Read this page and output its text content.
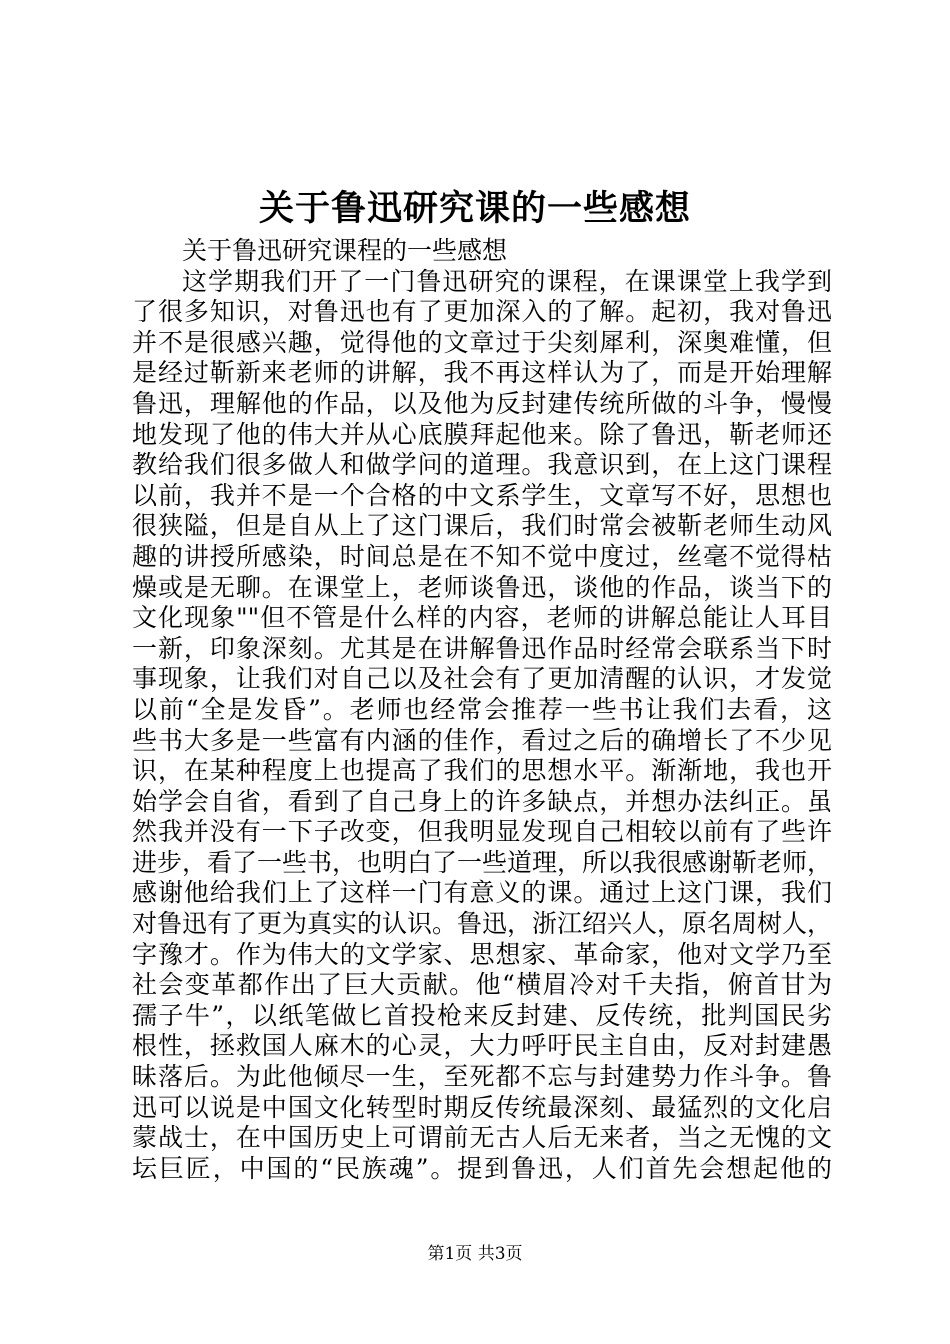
关于鲁迅研究课的一些感想
关于鲁迅研究课程的一些感想
这学期我们开了一门鲁迅研究的课程，在课课堂上我学到
了很多知识，对鲁迅也有了更加深入的了解。起初，我对鲁迅
并不是很感兴趣，觉得他的文章过于尖刻犀利，深奥难懂，但
是经过靳新来老师的讲解，我不再这样认为了，而是开始理解
鲁迅，理解他的作品，以及他为反封建传统所做的斗争，慢慢
地发现了他的伟大并从心底膜拜起他来。除了鲁迅，靳老师还
教给我们很多做人和做学问的道理。我意识到，在上这门课程
以前，我并不是一个合格的中文系学生，文章写不好，思想也
很狭隘，但是自从上了这门课后，我们时常会被靳老师生动风
趣的讲授所感染，时间总是在不知不觉中度过，丝毫不觉得枯
燥或是无聊。在课堂上，老师谈鲁迅，谈他的作品，谈当下的
文化现象""但不管是什么样的内容，老师的讲解总能让人耳目
一新，印象深刻。尤其是在讲解鲁迅作品时经常会联系当下时
事现象，让我们对自己以及社会有了更加清醒的认识，才发觉
以前“全是发昏”。老师也经常会推荐一些书让我们去看，这
些书大多是一些富有内涵的佳作，看过之后的确增长了不少见
识，在某种程度上也提高了我们的思想水平。渐渐地，我也开
始学会自省，看到了自己身上的许多缺点，并想办法纠正。虽
然我并没有一下子改变，但我明显发现自己相较以前有了些许
进步，看了一些书，也明白了一些道理，所以我很感谢靳老师，
感谢他给我们上了这样一门有意义的课。通过上这门课，我们
对鲁迅有了更为真实的认识。鲁迅，浙江绍兴人，原名周树人，
字豫才。作为伟大的文学家、思想家、革命家，他对文学乃至
社会变革都作出了巨大贡献。他“横眉冷对千夫指，俯首甘为
孺子牛”，以纸笔做匕首投枪来反封建、反传统，批判国民劣
根性，拯救国人麻木的心灵，大力呼吁民主自由，反对封建愚
昧落后。为此他倾尽一生，至死都不忘与封建势力作斗争。鲁
迅可以说是中国文化转型时期反传统最深刻、最猛烈的文化启
蒙战士，在中国历史上可谓前无古人后无来者，当之无愧的文
坛巨匠，中国的“民族魂”。提到鲁迅，人们首先会想起他的
第1页 共3页
